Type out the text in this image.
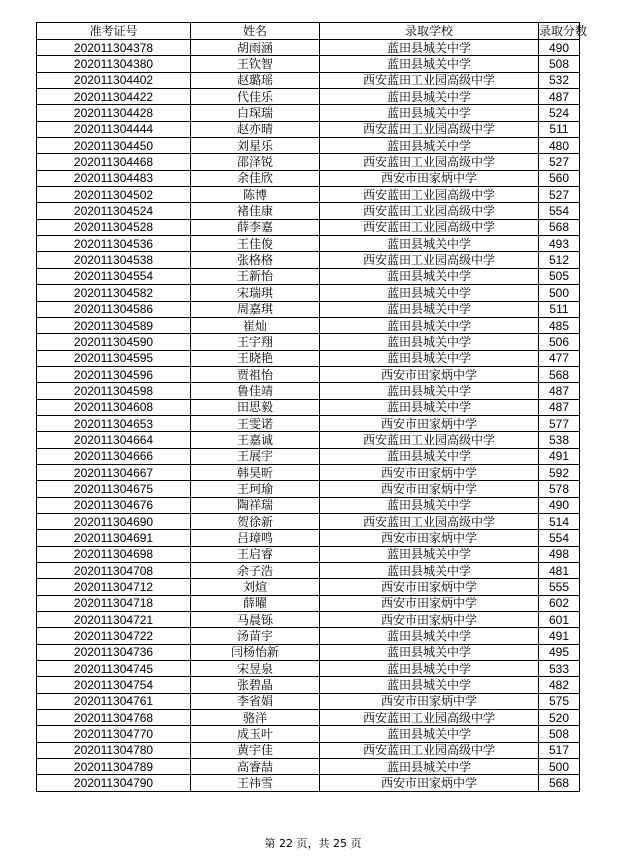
准考证号	姓名	录取学校	录取分数
202011304378	胡雨涵	蓝田县城关中学	490
202011304380	王钦智	蓝田县城关中学	508
202011304402	赵璐瑶	西安蓝田工业园高级中学	532
202011304422	代佳乐	蓝田县城关中学	487
202011304428	白琛瑞	蓝田县城关中学	524
202011304444	赵亦晴	西安蓝田工业园高级中学	511
202011304450	刘星乐	蓝田县城关中学	480
202011304468	邵泽锐	西安蓝田工业园高级中学	527
202011304483	余佳欣	西安市田家炳中学	560
202011304502	陈博	西安蓝田工业园高级中学	527
202011304524	褚佳康	西安蓝田工业园高级中学	554
202011304528	薛李嘉	西安蓝田工业园高级中学	568
202011304536	王佳俊	蓝田县城关中学	493
202011304538	张格格	西安蓝田工业园高级中学	512
202011304554	王新怡	蓝田县城关中学	505
202011304582	宋瑞琪	蓝田县城关中学	500
202011304586	周嘉琪	蓝田县城关中学	511
202011304589	崔灿	蓝田县城关中学	485
202011304590	王宇翔	蓝田县城关中学	506
202011304595	王晓艳	蓝田县城关中学	477
202011304596	贾祖怡	西安市田家炳中学	568
202011304598	鲁佳靖	蓝田县城关中学	487
202011304608	田思毅	蓝田县城关中学	487
202011304653	王雯诺	西安市田家炳中学	577
202011304664	王嘉诚	西安蓝田工业园高级中学	538
202011304666	王展宇	蓝田县城关中学	491
202011304667	韩昊昕	西安市田家炳中学	592
202011304675	王珂瑜	西安市田家炳中学	578
202011304676	陶祥瑞	蓝田县城关中学	490
202011304690	贺徐新	西安蓝田工业园高级中学	514
202011304691	吕璋鸣	西安市田家炳中学	554
202011304698	王启睿	蓝田县城关中学	498
202011304708	余子浩	蓝田县城关中学	481
202011304712	刘煊	西安市田家炳中学	555
202011304718	薛曜	西安市田家炳中学	602
202011304721	马晨铄	西安市田家炳中学	601
202011304722	汤苗宇	蓝田县城关中学	491
202011304736	闫杨怡新	蓝田县城关中学	495
202011304745	宋昱泉	蓝田县城关中学	533
202011304754	张碧晶	蓝田县城关中学	482
202011304761	李省娟	西安市田家炳中学	575
202011304768	骆洋	西安蓝田工业园高级中学	520
202011304770	成玉叶	蓝田县城关中学	508
202011304780	黄宇佳	西安蓝田工业园高级中学	517
202011304789	高睿喆	蓝田县城关中学	500
202011304790	王祎雪	西安市田家炳中学	568
第 22 页，共 25 页
